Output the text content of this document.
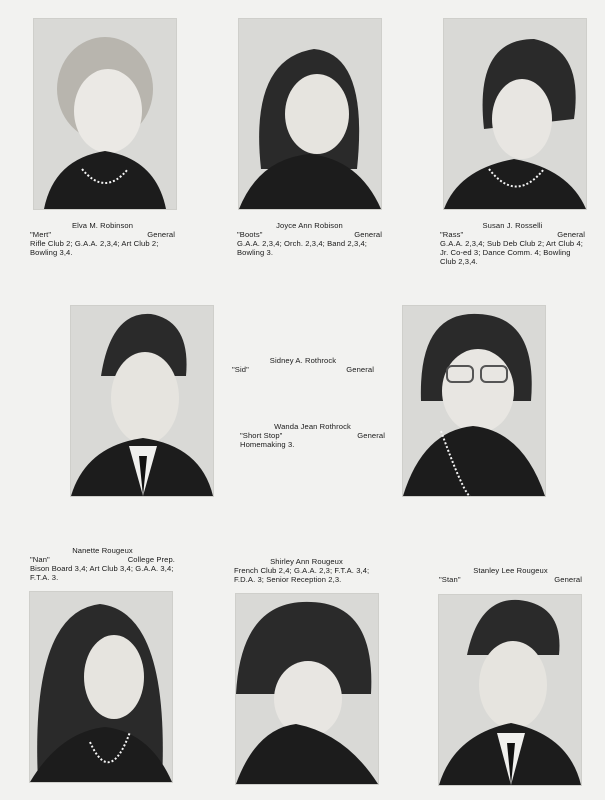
Elva M. Robinson
"Mert"	General
Rifle Club 2; G.A.A. 2,3,4; Art Club 2; Bowling 3,4.
Joyce Ann Robison
"Boots"	General
G.A.A. 2,3,4; Orch. 2,3,4; Band 2,3,4; Bowling 3.
Susan J. Rosselli
"Rass"	General
G.A.A. 2,3,4; Sub Deb Club 2; Art Club 4; Jr. Co-ed 3; Dance Comm. 4; Bowling Club 2,3,4.
Sidney A. Rothrock
"Sid"	General
Wanda Jean Rothrock
"Short Stop"	General
Homemaking 3.
Nanette Rougeux
"Nan"	College Prep.
Bison Board 3,4; Art Club 3,4; G.A.A. 3,4; F.T.A. 3.
Shirley Ann Rougeux
French Club 2,4; G.A.A. 2,3; F.T.A. 3,4; F.D.A. 3; Senior Reception 2,3.
Stanley Lee Rougeux
"Stan"	General
